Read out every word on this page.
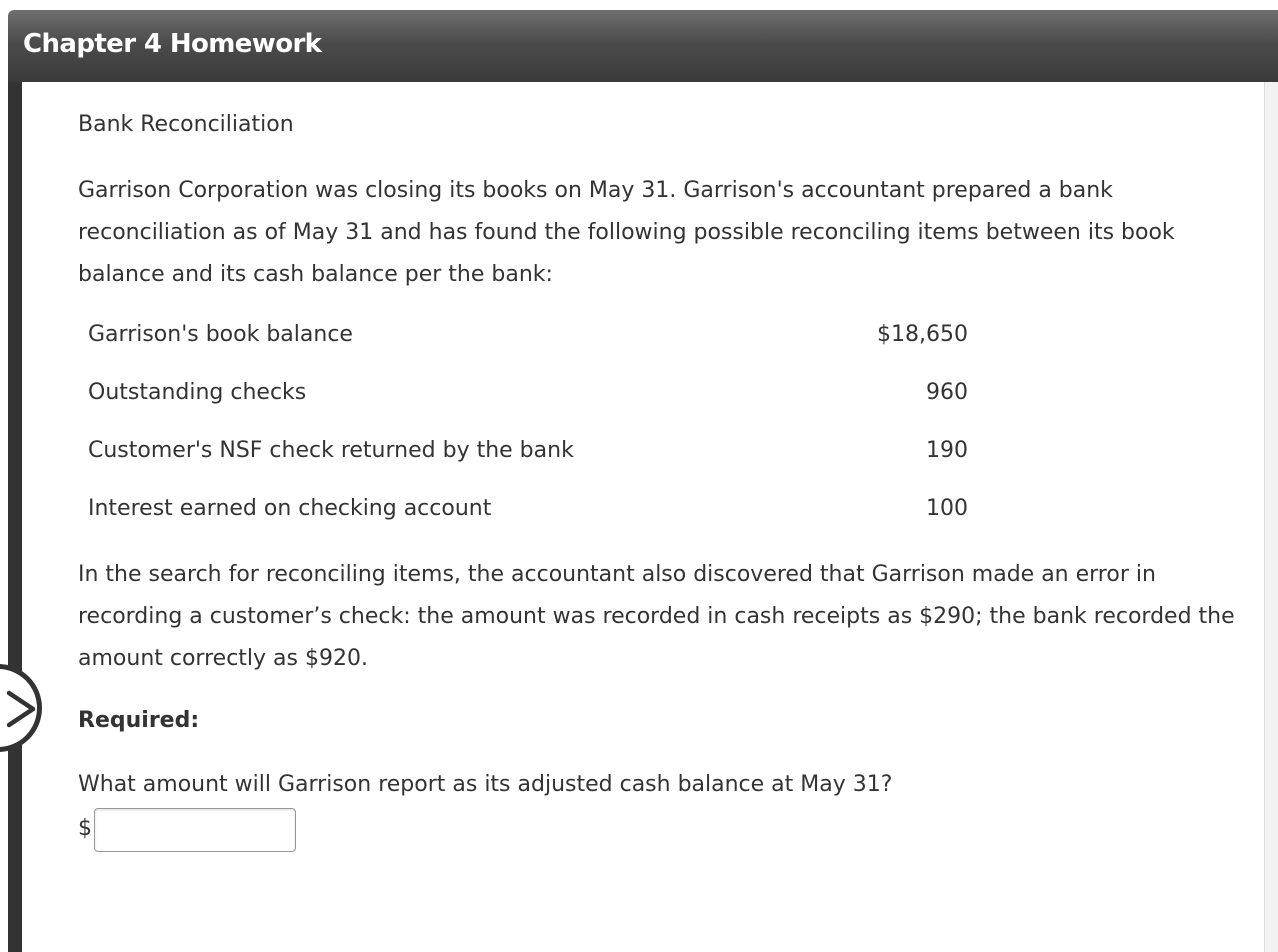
Chapter 4 Homework
Bank Reconciliation

Garrison Corporation was closing its books on May 31. Garrison's accountant prepared a bank reconciliation as of May 31 and has found the following possible reconciling items between its book balance and its cash balance per the bank:

Garrison's book balance	$18,650
Outstanding checks	960
Customer's NSF check returned by the bank	190
Interest earned on checking account	100

In the search for reconciling items, the accountant also discovered that Garrison made an error in recording a customer’s check: the amount was recorded in cash receipts as $290; the bank recorded the amount correctly as $920.

Required:
What amount will Garrison report as its adjusted cash balance at May 31?
$
